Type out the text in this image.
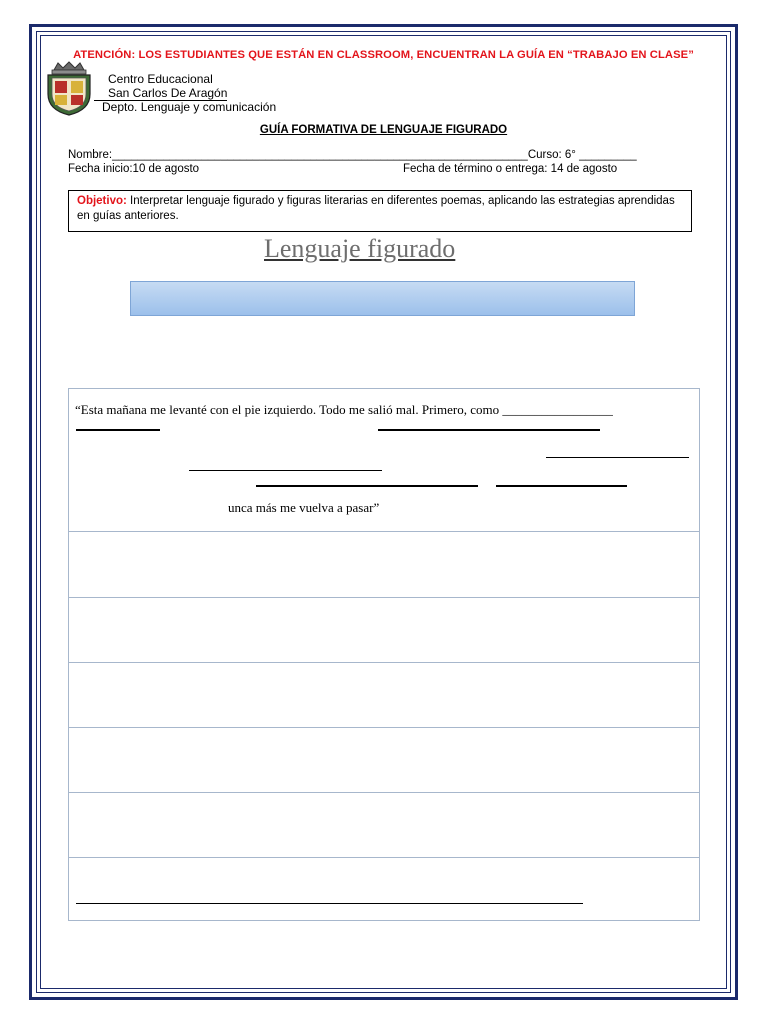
ATENCIÓN: LOS ESTUDIANTES QUE ESTÁN EN CLASSROOM, ENCUENTRAN LA GUÍA EN “TRABAJO EN CLASE”
Centro Educacional
San Carlos De Aragón
Depto. Lenguaje y comunicación
GUÍA FORMATIVA DE LENGUAJE FIGURADO
Nombre:_________________________________________________________________Curso: 6° _________
Fecha inicio:10 de agosto	Fecha de término o entrega: 14 de agosto
Objetivo: Interpretar lenguaje figurado y figuras literarias en diferentes poemas, aplicando las estrategias aprendidas en guías anteriores.
Lenguaje figurado
“Esta mañana me levanté con el pie izquierdo. Todo me salió mal. Primero, como _________________
unca más me vuelva a pasar”
